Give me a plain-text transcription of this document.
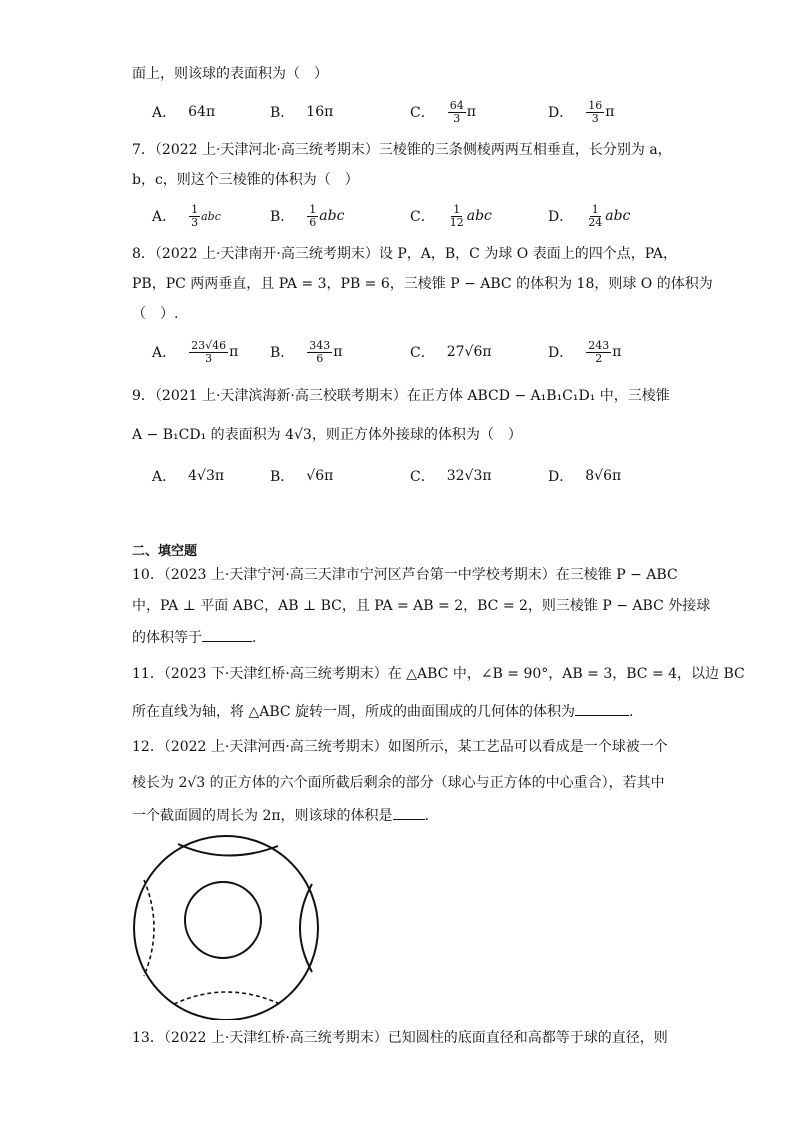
面上，则该球的表面积为（　）
A． 64π	B． 16π	C． $\frac{64}{3}$ π	D． $\frac{16}{3}$ π
7．（2022 上·天津河北·高三统考期末）三棱锥的三条侧棱两两互相垂直，长分别为 a，
b，c，则这个三棱锥的体积为（　）
A． $\frac{1}{3}$ abc	B． $\frac{1}{6}$ abc	C． $\frac{1}{12}$ abc	D． $\frac{1}{24}$ abc
8．（2022 上·天津南开·高三统考期末）设 P，A，B，C 为球 O 表面上的四个点，PA，
PB，PC 两两垂直，且 PA = 3，PB = 6，三棱锥 P − ABC 的体积为 18，则球 O 的体积为
（　）.
A． $\frac{23√46}{3}$ π B． $\frac{343}{6}$ π	C． 27√6π	D． $\frac{243}{2}$ π
9．（2021 上·天津滨海新·高三校联考期末）在正方体 ABCD − A₁B₁C₁D₁ 中，三棱锥
A − B₁CD₁ 的表面积为 4√3，则正方体外接球的体积为（　）
A． 4√3π	B． √6π	C． 32√3π	D． 8√6π
二、填空题
10．（2023 上·天津宁河·高三天津市宁河区芦台第一中学校考期末）在三棱锥 P − ABC
中，PA ⊥ 平面 ABC，AB ⊥ BC，且 PA = AB = 2，BC = 2，则三棱锥 P − ABC 外接球
的体积等于	.
11．（2023 下·天津红桥·高三统考期末）在 △ABC 中，∠B = 90°，AB = 3，BC = 4，以边 BC
所在直线为轴，将 △ABC 旋转一周，所成的曲面围成的几何体的体积为	.
12．（2022 上·天津河西·高三统考期末）如图所示，某工艺品可以看成是一个球被一个
棱长为 2√3 的正方体的六个面所截后剩余的部分（球心与正方体的中心重合），若其中
一个截面圆的周长为 2π，则该球的体积是 .
13．（2022 上·天津红桥·高三统考期末）已知圆柱的底面直径和高都等于球的直径，则
